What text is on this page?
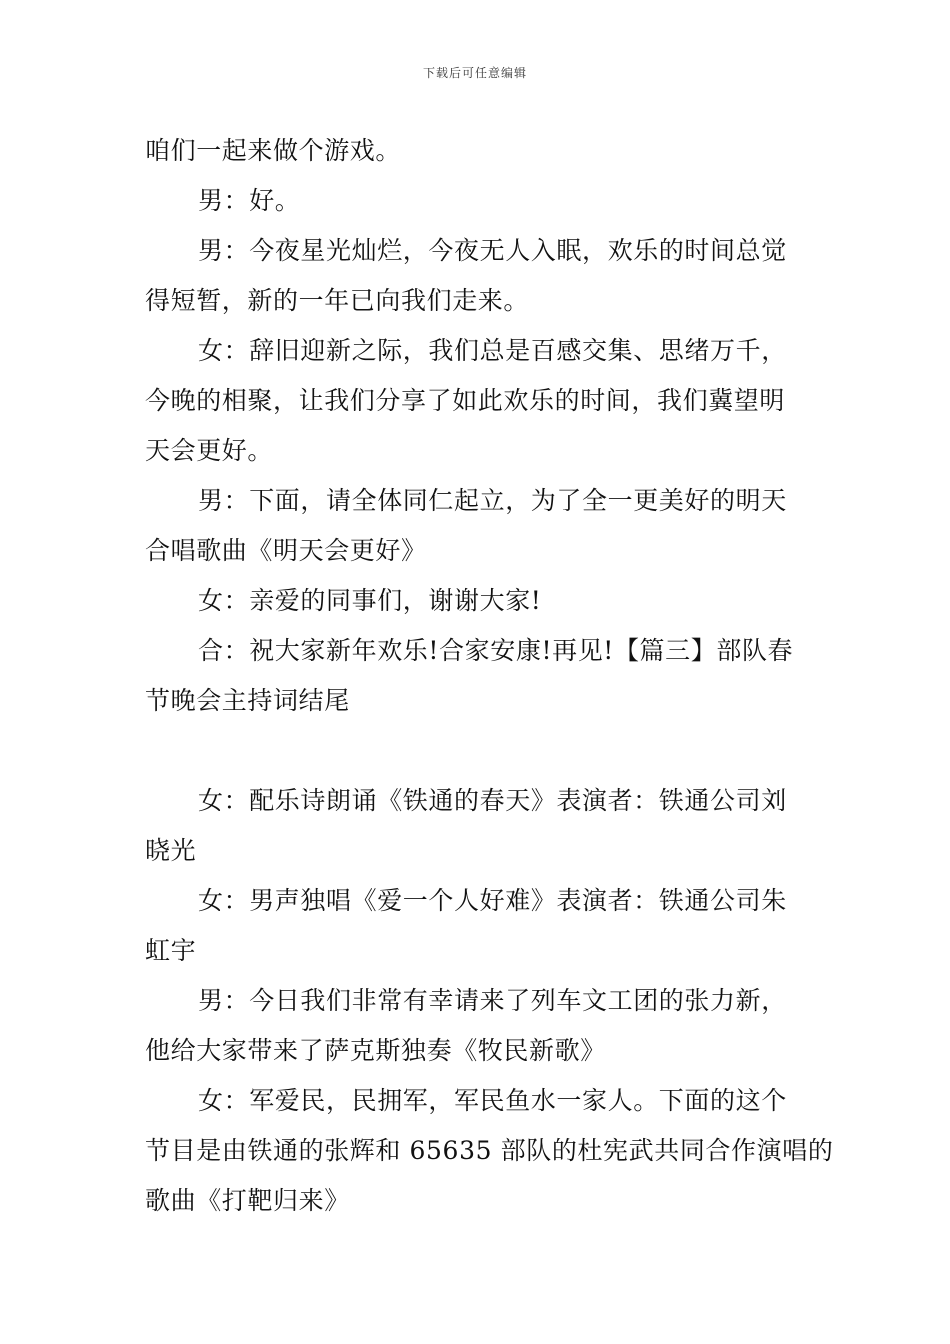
下载后可任意编辑

咱们一起来做个游戏。

男：好。

男：今夜星光灿烂，今夜无人入眠，欢乐的时间总觉
得短暂，新的一年已向我们走来。

女：辞旧迎新之际，我们总是百感交集、思绪万千，
今晚的相聚，让我们分享了如此欢乐的时间，我们冀望明
天会更好。

男：下面，请全体同仁起立，为了全一更美好的明天
合唱歌曲《明天会更好》

女：亲爱的同事们，谢谢大家!

合：祝大家新年欢乐!合家安康!再见!【篇三】部队春
节晚会主持词结尾

女：配乐诗朗诵《铁通的春天》表演者：铁通公司刘
晓光

女：男声独唱《爱一个人好难》表演者：铁通公司朱
虹宇

男：今日我们非常有幸请来了列车文工团的张力新，
他给大家带来了萨克斯独奏《牧民新歌》

女：军爱民，民拥军，军民鱼水一家人。下面的这个
节目是由铁通的张辉和 65635 部队的杜宪武共同合作演唱的
歌曲《打靶归来》
